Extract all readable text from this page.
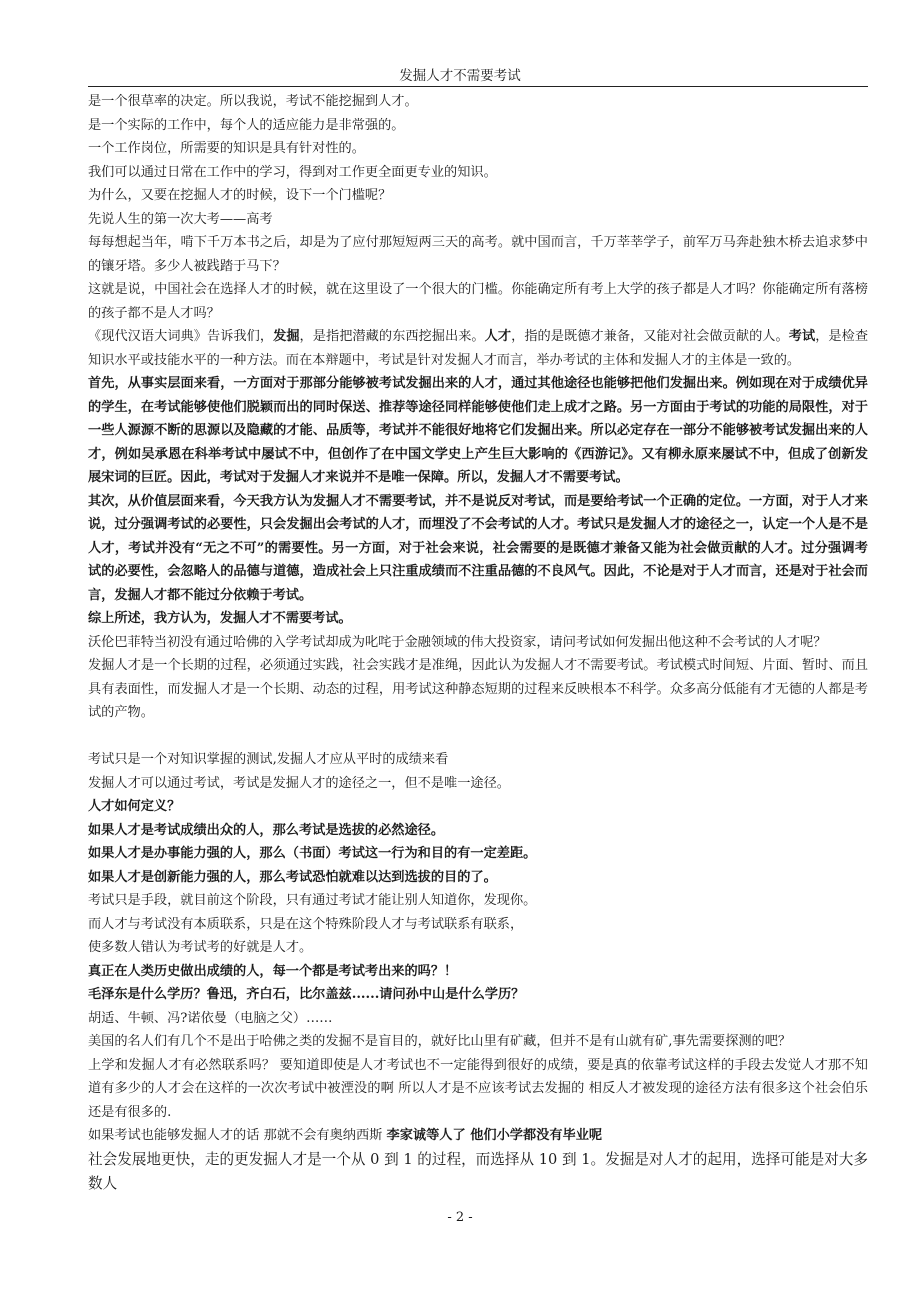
发掘人才不需要考试

是一个很草率的决定。所以我说，考试不能挖掘到人才。

是一个实际的工作中，每个人的适应能力是非常强的。

一个工作岗位，所需要的知识是具有针对性的。

我们可以通过日常在工作中的学习，得到对工作更全面更专业的知识。

为什么，又要在挖掘人才的时候，设下一个门槛呢？

先说人生的第一次大考——高考

每每想起当年，啃下千万本书之后，却是为了应付那短短两三天的高考。就中国而言，千万莘莘学子，前军万马奔赴独木桥去追求梦中的镶牙塔。多少人被践踏于马下？

这就是说，中国社会在选择人才的时候，就在这里设了一个很大的门槛。你能确定所有考上大学的孩子都是人才吗？你能确定所有落榜的孩子都不是人才吗？

《现代汉语大词典》告诉我们，发掘，是指把潜藏的东西挖掘出来。人才，指的是既德才兼备，又能对社会做贡献的人。考试，是检查知识水平或技能水平的一种方法。而在本辩题中，考试是针对发掘人才而言，举办考试的主体和发掘人才的主体是一致的。

首先，从事实层面来看，一方面对于那部分能够被考试发掘出来的人才，通过其他途径也能够把他们发掘出来。例如现在对于成绩优异的学生，在考试能够使他们脱颖而出的同时保送、推荐等途径同样能够使他们走上成才之路。另一方面由于考试的功能的局限性，对于一些人源源不断的思源以及隐藏的才能、品质等，考试并不能很好地将它们发掘出来。所以必定存在一部分不能够被考试发掘出来的人才，例如吴承恩在科举考试中屡试不中，但创作了在中国文学史上产生巨大影响的《西游记》。又有柳永原来屡试不中，但成了创新发展宋词的巨匠。因此，考试对于发掘人才来说并不是唯一保障。所以，发掘人才不需要考试。

其次，从价值层面来看，今天我方认为发掘人才不需要考试，并不是说反对考试，而是要给考试一个正确的定位。一方面，对于人才来说，过分强调考试的必要性，只会发掘出会考试的人才，而埋没了不会考试的人才。考试只是发掘人才的途径之一，认定一个人是不是人才，考试并没有“无之不可”的需要性。另一方面，对于社会来说，社会需要的是既德才兼备又能为社会做贡献的人才。过分强调考试的必要性，会忽略人的品德与道德，造成社会上只注重成绩而不注重品德的不良风气。因此，不论是对于人才而言，还是对于社会而言，发掘人才都不能过分依赖于考试。

综上所述，我方认为，发掘人才不需要考试。

沃伦巴菲特当初没有通过哈佛的入学考试却成为叱咤于金融领域的伟大投资家，请问考试如何发掘出他这种不会考试的人才呢？

发掘人才是一个长期的过程，必须通过实践，社会实践才是准绳，因此认为发掘人才不需要考试。考试模式时间短、片面、暂时、而且具有表面性，而发掘人才是一个长期、动态的过程，用考试这种静态短期的过程来反映根本不科学。众多高分低能有才无德的人都是考试的产物。

考试只是一个对知识掌握的测试,发掘人才应从平时的成绩来看

发掘人才可以通过考试，考试是发掘人才的途径之一，但不是唯一途径。

人才如何定义？

如果人才是考试成绩出众的人，那么考试是选拔的必然途径。

如果人才是办事能力强的人，那么（书面）考试这一行为和目的有一定差距。

如果人才是创新能力强的人，那么考试恐怕就难以达到选拔的目的了。

考试只是手段，就目前这个阶段，只有通过考试才能让别人知道你，发现你。

而人才与考试没有本质联系，只是在这个特殊阶段人才与考试联系有联系，

使多数人错认为考试考的好就是人才。

真正在人类历史做出成绩的人，每一个都是考试考出来的吗？！

毛泽东是什么学历？鲁迅，齐白石，比尔盖兹......请问孙中山是什么学历？

胡适、牛顿、冯?诺依曼（电脑之父）……

美国的名人们有几个不是出于哈佛之类的发掘不是盲目的，就好比山里有矿藏，但并不是有山就有矿,事先需要探测的吧？

上学和发掘人才有必然联系吗？ 要知道即使是人才考试也不一定能得到很好的成绩，要是真的依靠考试这样的手段去发觉人才那不知道有多少的人才会在这样的一次次考试中被湮没的啊 所以人才是不应该考试去发掘的 相反人才被发现的途径方法有很多这个社会伯乐还是有很多的.

如果考试也能够发掘人才的话 那就不会有奥纳西斯 李家诚等人了 他们小学都没有毕业呢

社会发展地更快，走的更发掘人才是一个从 0 到 1 的过程，而选择从 10 到 1。发掘是对人才的起用，选择可能是对大多数人

- 2 -
